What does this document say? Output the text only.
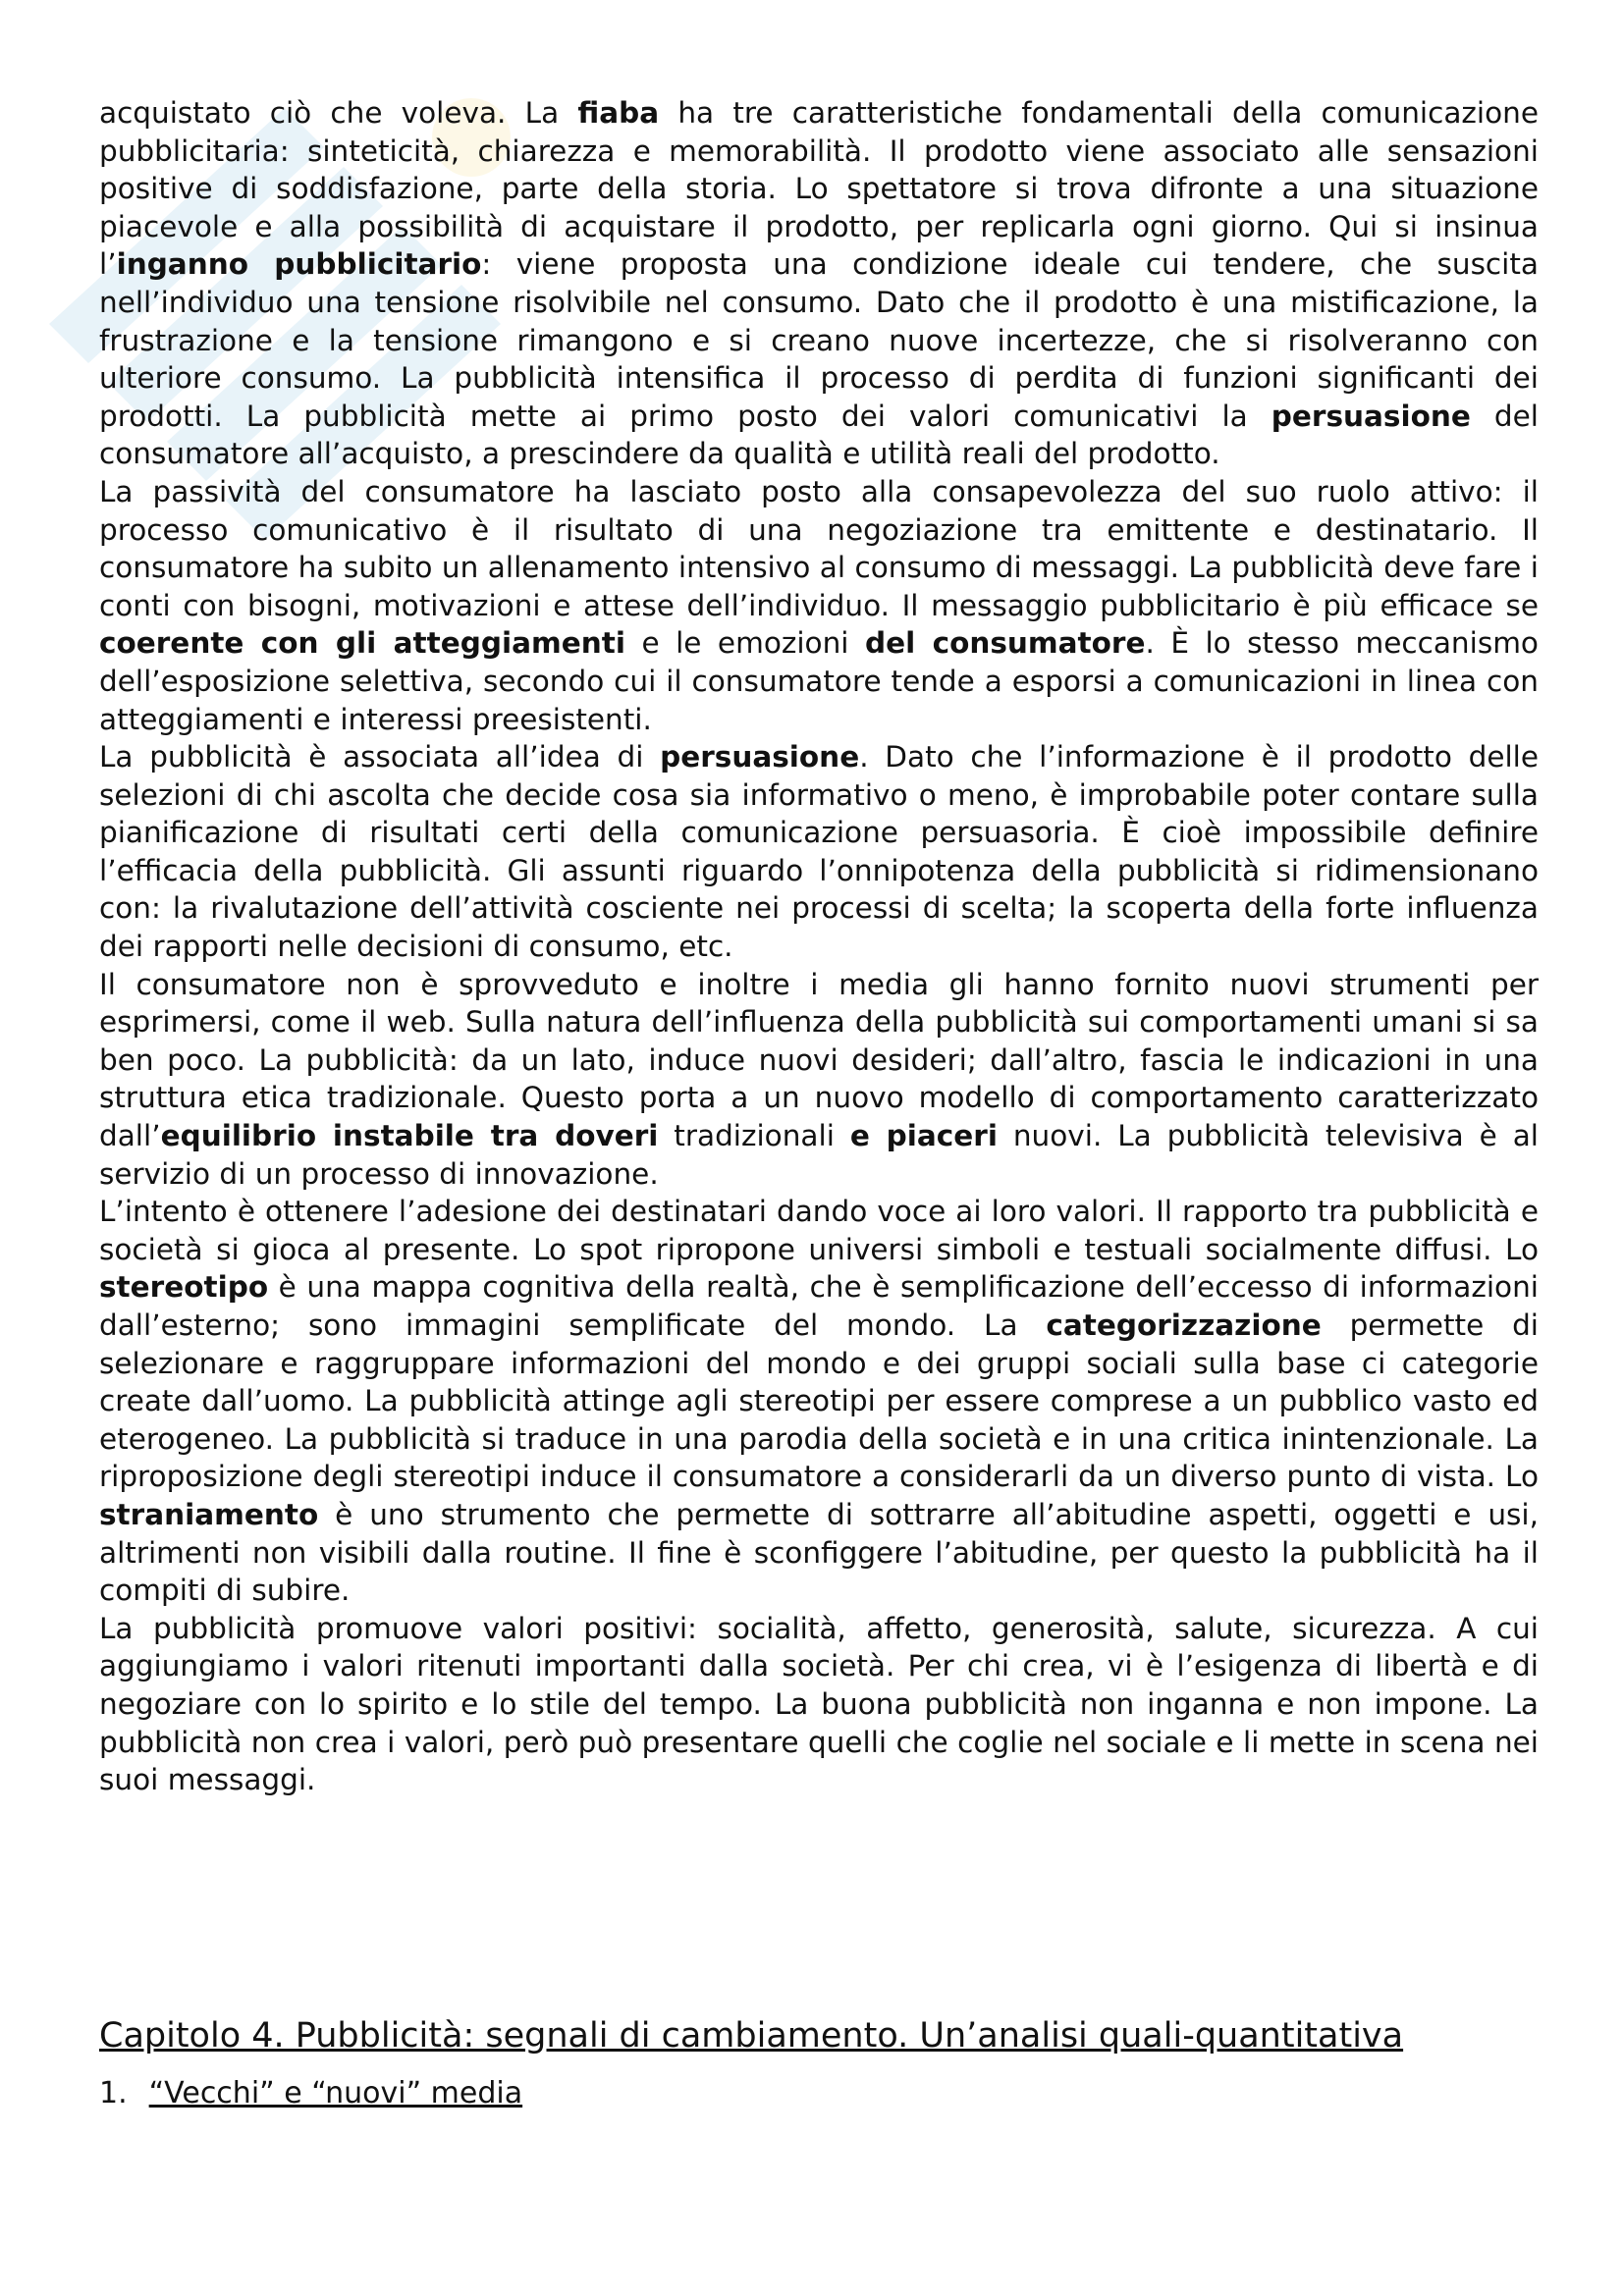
acquistato ciò che voleva. La fiaba ha tre caratteristiche fondamentali della comunicazione pubblicitaria: sinteticità, chiarezza e memorabilità. Il prodotto viene associato alle sensazioni positive di soddisfazione, parte della storia. Lo spettatore si trova difronte a una situazione piacevole e alla possibilità di acquistare il prodotto, per replicarla ogni giorno. Qui si insinua l’inganno pubblicitario: viene proposta una condizione ideale cui tendere, che suscita nell’individuo una tensione risolvibile nel consumo. Dato che il prodotto è una mistificazione, la frustrazione e la tensione rimangono e si creano nuove incertezze, che si risolveranno con ulteriore consumo. La pubblicità intensifica il processo di perdita di funzioni significanti dei prodotti. La pubblicità mette ai primo posto dei valori comunicativi la persuasione del consumatore all’acquisto, a prescindere da qualità e utilità reali del prodotto.

La passività del consumatore ha lasciato posto alla consapevolezza del suo ruolo attivo: il processo comunicativo è il risultato di una negoziazione tra emittente e destinatario. Il consumatore ha subito un allenamento intensivo al consumo di messaggi. La pubblicità deve fare i conti con bisogni, motivazioni e attese dell’individuo. Il messaggio pubblicitario è più efficace se coerente con gli atteggiamenti e le emozioni del consumatore. È lo stesso meccanismo dell’esposizione selettiva, secondo cui il consumatore tende a esporsi a comunicazioni in linea con atteggiamenti e interessi preesistenti.

La pubblicità è associata all’idea di persuasione. Dato che l’informazione è il prodotto delle selezioni di chi ascolta che decide cosa sia informativo o meno, è improbabile poter contare sulla pianificazione di risultati certi della comunicazione persuasoria. È cioè impossibile definire l’efficacia della pubblicità. Gli assunti riguardo l’onnipotenza della pubblicità si ridimensionano con: la rivalutazione dell’attività cosciente nei processi di scelta; la scoperta della forte influenza dei rapporti nelle decisioni di consumo, etc.

Il consumatore non è sprovveduto e inoltre i media gli hanno fornito nuovi strumenti per esprimersi, come il web. Sulla natura dell’influenza della pubblicità sui comportamenti umani si sa ben poco. La pubblicità: da un lato, induce nuovi desideri; dall’altro, fascia le indicazioni in una struttura etica tradizionale. Questo porta a un nuovo modello di comportamento caratterizzato dall’equilibrio instabile tra doveri tradizionali e piaceri nuovi. La pubblicità televisiva è al servizio di un processo di innovazione.

L’intento è ottenere l’adesione dei destinatari dando voce ai loro valori. Il rapporto tra pubblicità e società si gioca al presente. Lo spot ripropone universi simboli e testuali socialmente diffusi. Lo stereotipo è una mappa cognitiva della realtà, che è semplificazione dell’eccesso di informazioni dall’esterno; sono immagini semplificate del mondo. La categorizzazione permette di selezionare e raggruppare informazioni del mondo e dei gruppi sociali sulla base ci categorie create dall’uomo. La pubblicità attinge agli stereotipi per essere comprese a un pubblico vasto ed eterogeneo. La pubblicità si traduce in una parodia della società e in una critica inintenzionale. La riproposizione degli stereotipi induce il consumatore a considerarli da un diverso punto di vista. Lo straniamento è uno strumento che permette di sottrarre all’abitudine aspetti, oggetti e usi, altrimenti non visibili dalla routine. Il fine è sconfiggere l’abitudine, per questo la pubblicità ha il compiti di subire.

La pubblicità promuove valori positivi: socialità, affetto, generosità, salute, sicurezza. A cui aggiungiamo i valori ritenuti importanti dalla società. Per chi crea, vi è l’esigenza di libertà e di negoziare con lo spirito e lo stile del tempo. La buona pubblicità non inganna e non impone. La pubblicità non crea i valori, però può presentare quelli che coglie nel sociale e li mette in scena nei suoi messaggi.

Capitolo 4. Pubblicità: segnali di cambiamento. Un’analisi quali-quantitativa
1. “Vecchi” e “nuovi” media
